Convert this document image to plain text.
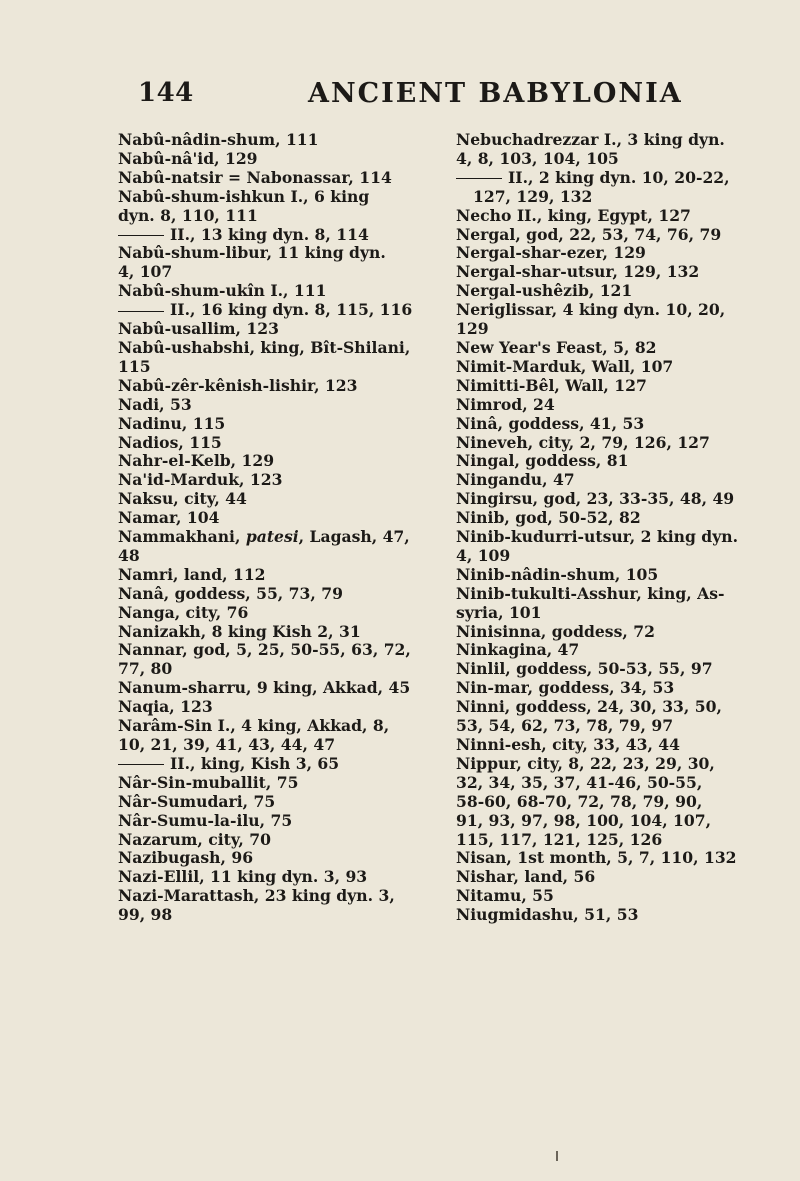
144	ANCIENT BABYLONIA
Nabû-nâdin-shum, 111
Nabû-nâ'id, 129
Nabû-natsir = Nabonassar, 114
Nabû-shum-ishkun I., 6 king
dyn. 8, 110, 111
II., 13 king dyn. 8, 114
Nabû-shum-libur, 11 king dyn.
4, 107
Nabû-shum-ukîn I., 111
II., 16 king dyn. 8, 115, 116
Nabû-usallim, 123
Nabû-ushabshi, king, Bît-Shilani,
115
Nabû-zêr-kênish-lishir, 123
Nadi, 53
Nadinu, 115
Nadios, 115
Nahr-el-Kelb, 129
Na'id-Marduk, 123
Naksu, city, 44
Namar, 104
Nammakhani, patesi, Lagash, 47,
48
Namri, land, 112
Nanâ, goddess, 55, 73, 79
Nanga, city, 76
Nanizakh, 8 king Kish 2, 31
Nannar, god, 5, 25, 50-55, 63, 72,
77, 80
Nanum-sharru, 9 king, Akkad, 45
Naqia, 123
Narâm-Sin I., 4 king, Akkad, 8,
10, 21, 39, 41, 43, 44, 47
II., king, Kish 3, 65
Nâr-Sin-muballit, 75
Nâr-Sumudari, 75
Nâr-Sumu-la-ilu, 75
Nazarum, city, 70
Nazibugash, 96
Nazi-Ellil, 11 king dyn. 3, 93
Nazi-Marattash, 23 king dyn. 3,
99, 98
Nebuchadrezzar I., 3 king dyn.
4, 8, 103, 104, 105
II., 2 king dyn. 10, 20-22,
127, 129, 132
Necho II., king, Egypt, 127
Nergal, god, 22, 53, 74, 76, 79
Nergal-shar-ezer, 129
Nergal-shar-utsur, 129, 132
Nergal-ushêzib, 121
Neriglissar, 4 king dyn. 10, 20,
129
New Year's Feast, 5, 82
Nimit-Marduk, Wall, 107
Nimitti-Bêl, Wall, 127
Nimrod, 24
Ninâ, goddess, 41, 53
Nineveh, city, 2, 79, 126, 127
Ningal, goddess, 81
Ningandu, 47
Ningirsu, god, 23, 33-35, 48, 49
Ninib, god, 50-52, 82
Ninib-kudurri-utsur, 2 king dyn.
4, 109
Ninib-nâdin-shum, 105
Ninib-tukulti-Asshur, king, As-
syria, 101
Ninisinna, goddess, 72
Ninkagina, 47
Ninlil, goddess, 50-53, 55, 97
Nin-mar, goddess, 34, 53
Ninni, goddess, 24, 30, 33, 50,
53, 54, 62, 73, 78, 79, 97
Ninni-esh, city, 33, 43, 44
Nippur, city, 8, 22, 23, 29, 30,
32, 34, 35, 37, 41-46, 50-55,
58-60, 68-70, 72, 78, 79, 90,
91, 93, 97, 98, 100, 104, 107,
115, 117, 121, 125, 126
Nisan, 1st month, 5, 7, 110, 132
Nishar, land, 56
Nitamu, 55
Niugmidashu, 51, 53
